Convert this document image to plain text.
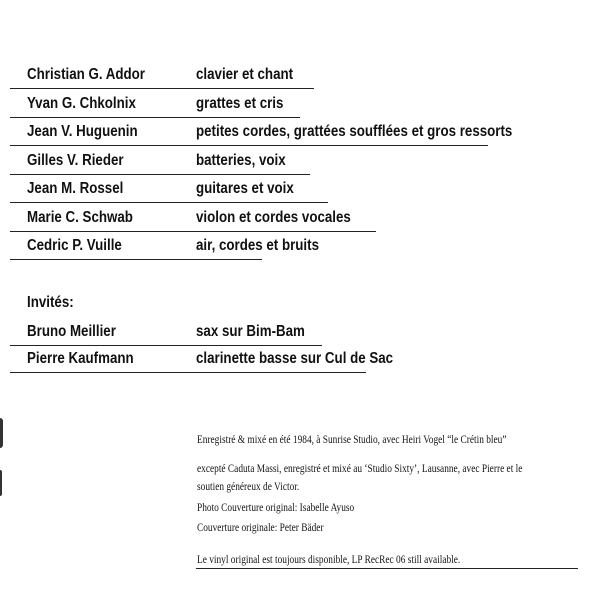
Christian G. Addor	clavier et chant
Yvan G. Chkolnix	grattes et cris
Jean V. Huguenin	petites cordes, grattées soufflées et gros ressorts
Gilles V. Rieder	batteries, voix
Jean M. Rossel	guitares et voix
Marie C. Schwab	violon et cordes vocales
Cedric P. Vuille	air, cordes et bruits
Invités:
Bruno Meillier	sax sur Bim-Bam
Pierre Kaufmann	clarinette basse sur Cul de Sac
Enregistré & mixé en été 1984, à Sunrise Studio, avec Heiri Vogel “le Crétin bleu”
excepté Caduta Massi, enregistré et mixé au ‘Studio Sixty’, Lausanne, avec Pierre et le
soutien généreux de Victor.
Photo Couverture original: Isabelle Ayuso
Couverture originale: Peter Bäder
Le vinyl original est toujours disponible, LP RecRec 06 still available.
